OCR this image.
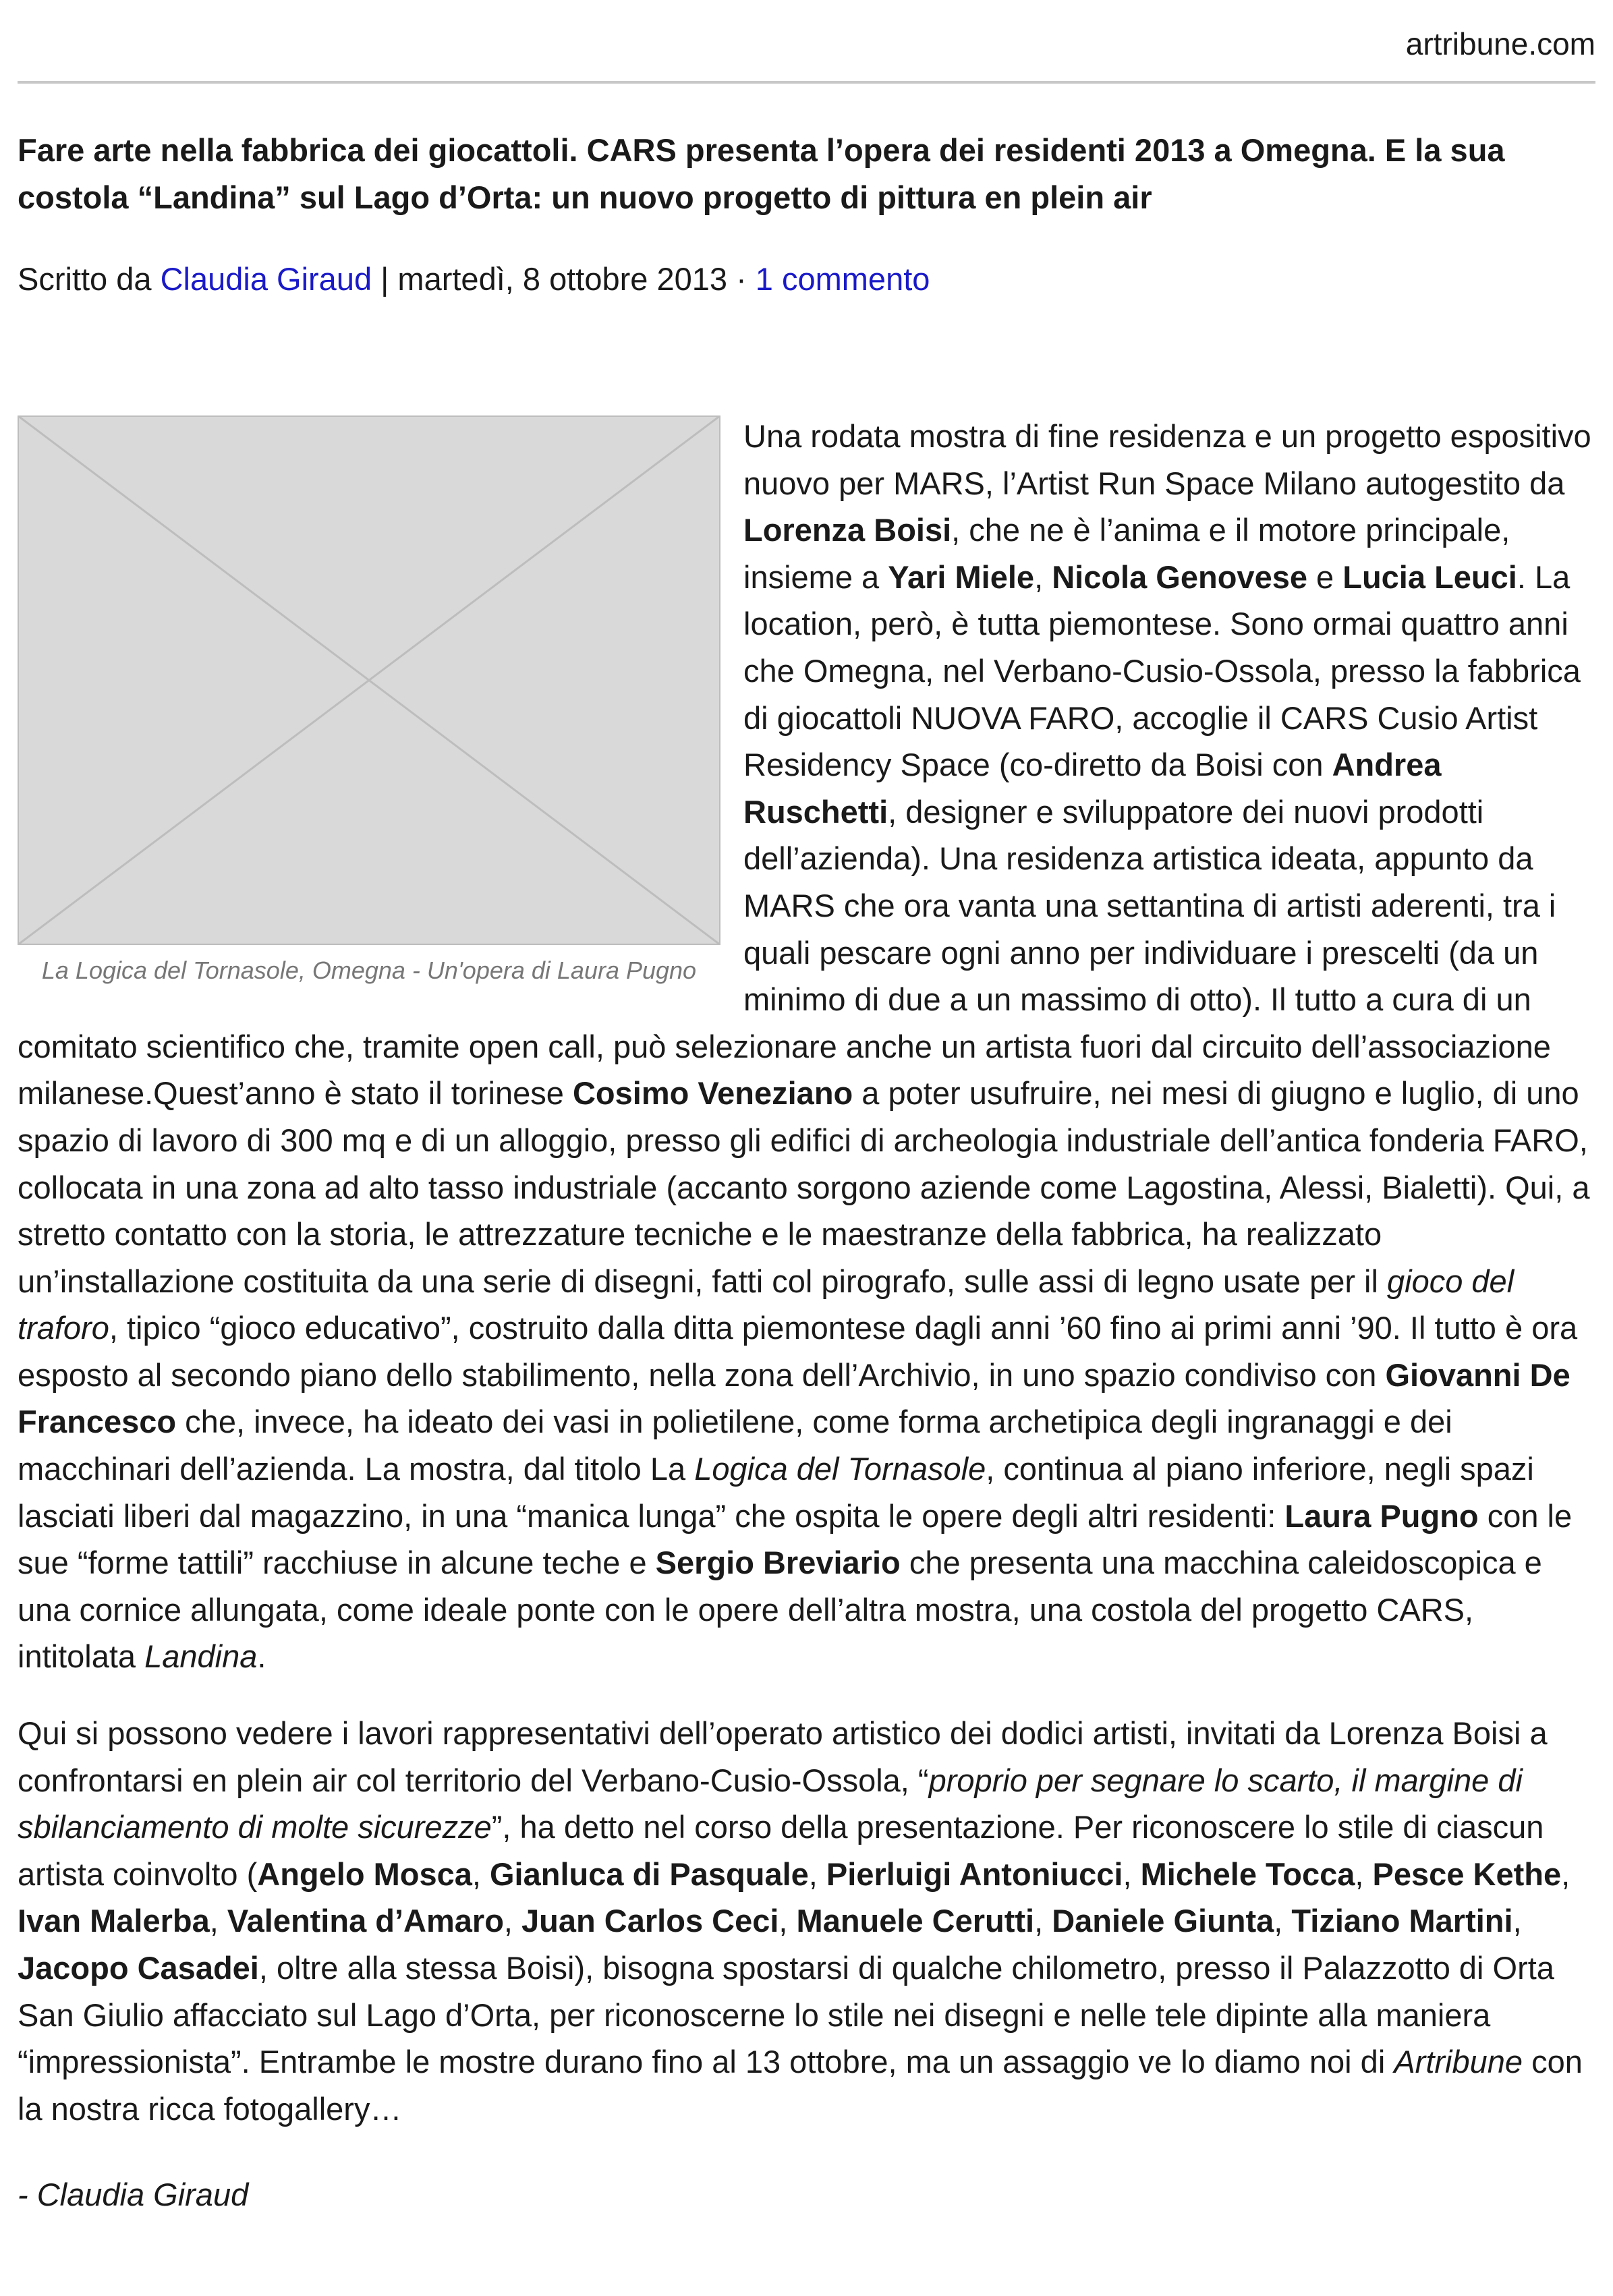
artribune.com
Fare arte nella fabbrica dei giocattoli. CARS presenta l’opera dei residenti 2013 a Omegna. E la sua costola “Landina” sul Lago d’Orta: un nuovo progetto di pittura en plein air
Scritto da Claudia Giraud | martedì, 8 ottobre 2013 · 1 commento
La Logica del Tornasole, Omegna - Un'opera di Laura Pugno

Una rodata mostra di fine residenza e un progetto espositivo nuovo per MARS, l’Artist Run Space Milano autogestito da Lorenza Boisi, che ne è l’anima e il motore principale, insieme a Yari Miele, Nicola Genovese e Lucia Leuci. La location, però, è tutta piemontese. Sono ormai quattro anni che Omegna, nel Verbano-Cusio-Ossola, presso la fabbrica di giocattoli NUOVA FARO, accoglie il CARS Cusio Artist Residency Space (co-diretto da Boisi con Andrea Ruschetti, designer e sviluppatore dei nuovi prodotti dell’azienda). Una residenza artistica ideata, appunto da MARS che ora vanta una settantina di artisti aderenti, tra i quali pescare ogni anno per individuare i prescelti (da un minimo di due a un massimo di otto). Il tutto a cura di un comitato scientifico che, tramite open call, può selezionare anche un artista fuori dal circuito dell’associazione milanese.Quest’anno è stato il torinese Cosimo Veneziano a poter usufruire, nei mesi di giugno e luglio, di uno spazio di lavoro di 300 mq e di un alloggio, presso gli edifici di archeologia industriale dell’antica fonderia FARO, collocata in una zona ad alto tasso industriale (accanto sorgono aziende come Lagostina, Alessi, Bialetti). Qui, a stretto contatto con la storia, le attrezzature tecniche e le maestranze della fabbrica, ha realizzato un’installazione costituita da una serie di disegni, fatti col pirografo, sulle assi di legno usate per il gioco del traforo, tipico “gioco educativo”, costruito dalla ditta piemontese dagli anni ’60 fino ai primi anni ’90. Il tutto è ora esposto al secondo piano dello stabilimento, nella zona dell’Archivio, in uno spazio condiviso con Giovanni De Francesco che, invece, ha ideato dei vasi in polietilene, come forma archetipica degli ingranaggi e dei macchinari dell’azienda. La mostra, dal titolo La Logica del Tornasole, continua al piano inferiore, negli spazi lasciati liberi dal magazzino, in una “manica lunga” che ospita le opere degli altri residenti: Laura Pugno con le sue “forme tattili” racchiuse in alcune teche e Sergio Breviario che presenta una macchina caleidoscopica e una cornice allungata, come ideale ponte con le opere dell’altra mostra, una costola del progetto CARS, intitolata Landina.

Qui si possono vedere i lavori rappresentativi dell’operato artistico dei dodici artisti, invitati da Lorenza Boisi a confrontarsi en plein air col territorio del Verbano-Cusio-Ossola, “proprio per segnare lo scarto, il margine di sbilanciamento di molte sicurezze”, ha detto nel corso della presentazione. Per riconoscere lo stile di ciascun artista coinvolto (Angelo Mosca, Gianluca di Pasquale, Pierluigi Antoniucci, Michele Tocca, Pesce Kethe, Ivan Malerba, Valentina d’Amaro, Juan Carlos Ceci, Manuele Cerutti, Daniele Giunta, Tiziano Martini, Jacopo Casadei, oltre alla stessa Boisi), bisogna spostarsi di qualche chilometro, presso il Palazzotto di Orta San Giulio affacciato sul Lago d’Orta, per riconoscerne lo stile nei disegni e nelle tele dipinte alla maniera “impressionista”. Entrambe le mostre durano fino al 13 ottobre, ma un assaggio ve lo diamo noi di Artribune con la nostra ricca fotogallery…

- Claudia Giraud
